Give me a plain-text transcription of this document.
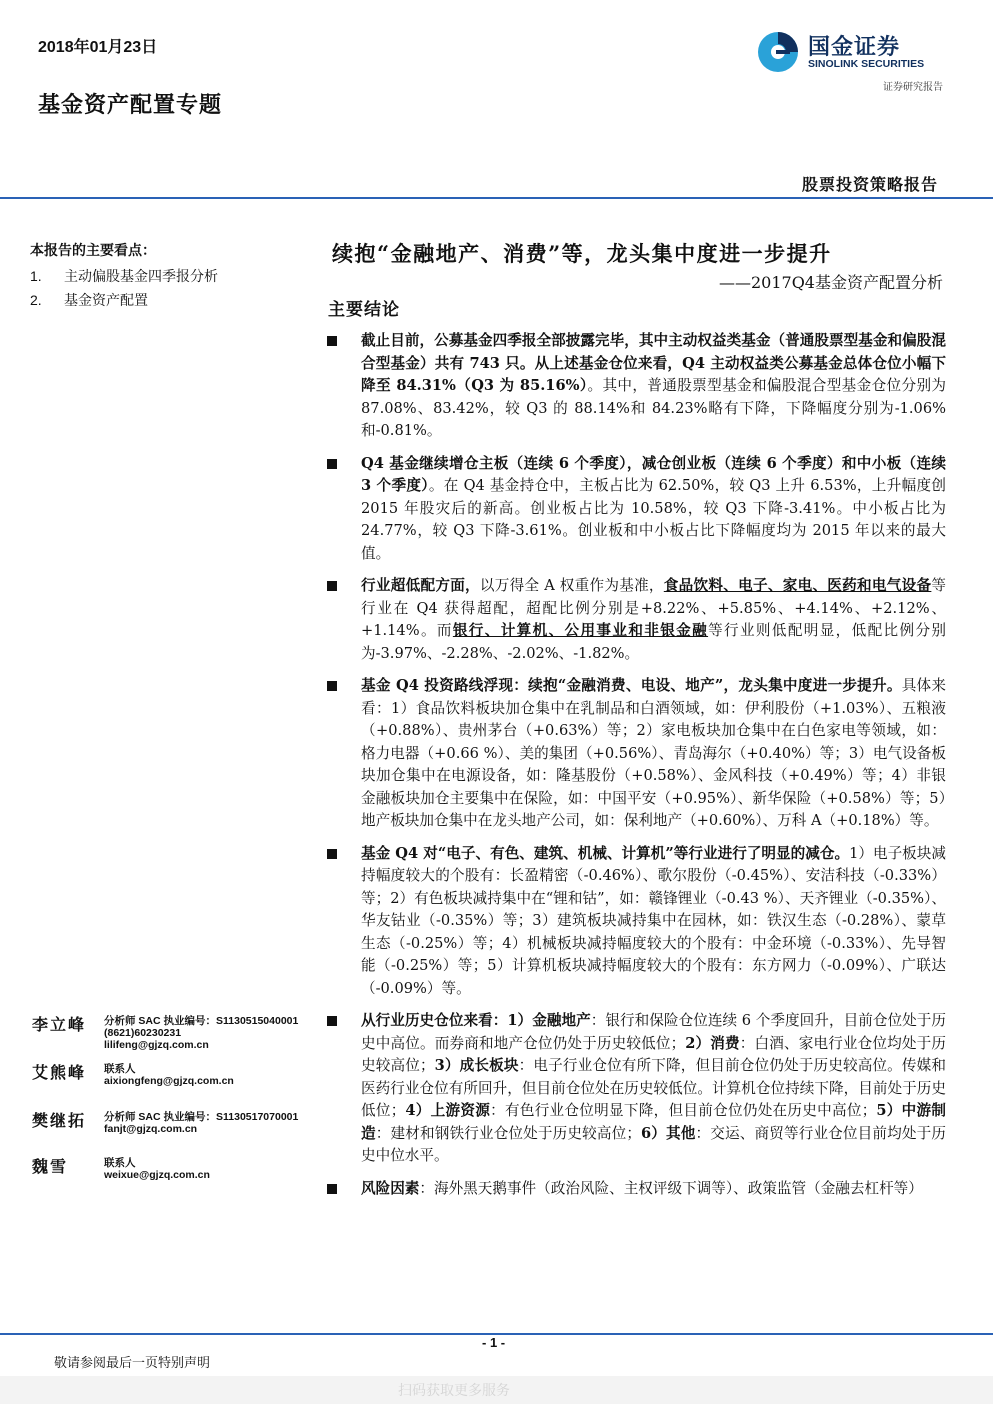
2018年01月23日
基金资产配置专题
国金证券
SINOLINK SECURITIES
证券研究报告
股票投资策略报告
本报告的主要看点：
1. 主动偏股基金四季报分析
2. 基金资产配置
续抱“金融地产、消费”等，龙头集中度进一步提升
——2017Q4基金资产配置分析
主要结论
截止目前，公募基金四季报全部披露完毕，其中主动权益类基金（普通股票型基金和偏股混合型基金）共有 743 只。从上述基金仓位来看，Q4 主动权益类公募基金总体仓位小幅下降至 84.31%（Q3 为 85.16%）。其中，普通股票型基金和偏股混合型基金仓位分别为 87.08%、83.42%，较 Q3 的 88.14%和 84.23%略有下降，下降幅度分别为-1.06%和-0.81%。
Q4 基金继续增仓主板（连续 6 个季度），减仓创业板（连续 6 个季度）和中小板（连续 3 个季度）。在 Q4 基金持仓中，主板占比为 62.50%，较 Q3 上升 6.53%，上升幅度创 2015 年股灾后的新高。创业板占比为 10.58%，较 Q3 下降-3.41%。中小板占比为 24.77%，较 Q3 下降-3.61%。创业板和中小板占比下降幅度均为 2015 年以来的最大值。
行业超低配方面，以万得全 A 权重作为基准，食品饮料、电子、家电、医药和电气设备等行业在 Q4 获得超配，超配比例分别是+8.22%、+5.85%、+4.14%、+2.12%、+1.14%。而银行、计算机、公用事业和非银金融等行业则低配明显，低配比例分别为-3.97%、-2.28%、-2.02%、-1.82%。
基金 Q4 投资路线浮现：续抱“金融消费、电设、地产”，龙头集中度进一步提升。具体来看：1）食品饮料板块加仓集中在乳制品和白酒领域，如：伊利股份（+1.03%）、五粮液（+0.88%）、贵州茅台（+0.63%）等；2）家电板块加仓集中在白色家电等领域，如：格力电器（+0.66 %）、美的集团（+0.56%）、青岛海尔（+0.40%）等；3）电气设备板块加仓集中在电源设备，如：隆基股份（+0.58%）、金风科技（+0.49%）等；4）非银金融板块加仓主要集中在保险，如：中国平安（+0.95%）、新华保险（+0.58%）等；5）地产板块加仓集中在龙头地产公司，如：保利地产（+0.60%）、万科 A（+0.18%）等。
基金 Q4 对“电子、有色、建筑、机械、计算机”等行业进行了明显的减仓。1）电子板块减持幅度较大的个股有：长盈精密（-0.46%）、歌尔股份（-0.45%）、安洁科技（-0.33%）等；2）有色板块减持集中在“锂和钴”，如：赣锋锂业（-0.43 %）、天齐锂业（-0.35%）、华友钴业（-0.35%）等；3）建筑板块减持集中在园林，如：铁汉生态（-0.28%）、蒙草生态（-0.25%）等；4）机械板块减持幅度较大的个股有：中金环境（-0.33%）、先导智能（-0.25%）等；5）计算机板块减持幅度较大的个股有：东方网力（-0.09%）、广联达（-0.09%）等。
从行业历史仓位来看：1）金融地产：银行和保险仓位连续 6 个季度回升，目前仓位处于历史中高位。而券商和地产仓位仍处于历史较低位；2）消费：白酒、家电行业仓位均处于历史较高位；3）成长板块：电子行业仓位有所下降，但目前仓位仍处于历史较高位。传媒和医药行业仓位有所回升，但目前仓位处在历史较低位。计算机仓位持续下降，目前处于历史低位；4）上游资源：有色行业仓位明显下降，但目前仓位仍处在历史中高位；5）中游制造：建材和钢铁行业仓位处于历史较高位；6）其他：交运、商贸等行业仓位目前均处于历史中位水平。
风险因素：海外黑天鹅事件（政治风险、主权评级下调等）、政策监管（金融去杠杆等）
李立峰 分析师 SAC 执业编号：S1130515040001
(8621)60230231
lilifeng@gjzq.com.cn
艾熊峰 联系人
aixiongfeng@gjzq.com.cn
樊继拓 分析师 SAC 执业编号：S1130517070001
fanjt@gjzq.com.cn
魏雪	联系人
weixue@gjzq.com.cn
- 1 -
敬请参阅最后一页特别声明
扫码获取更多服务
